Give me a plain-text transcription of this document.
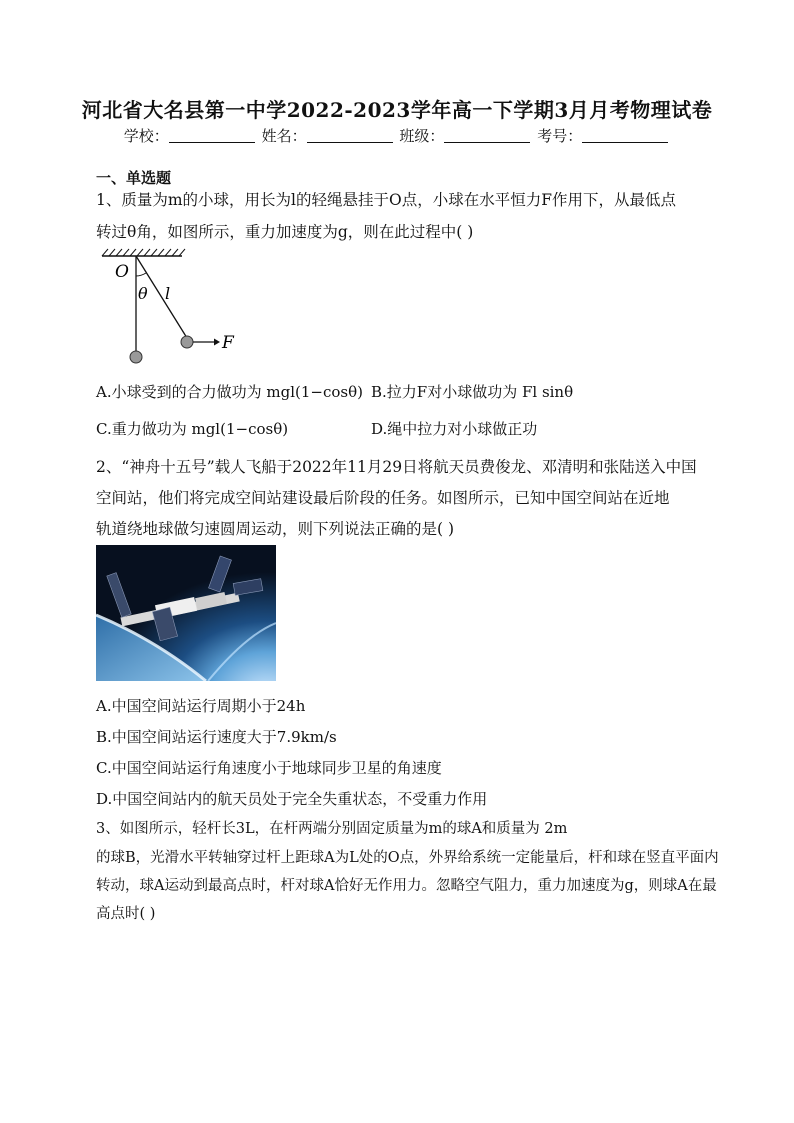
河北省大名县第一中学2022-2023学年高一下学期3月月考物理试卷
学校：	姓名：	班级：	考号：
一、单选题
1、质量为m的小球，用长为l的轻绳悬挂于O点，小球在水平恒力F作用下，从最低点
转过θ角，如图所示，重力加速度为g，则在此过程中( )
O
θ l
F
A.小球受到的合力做功为 mgl(1−cosθ) B.拉力F对小球做功为 Fl sinθ
C.重力做功为 mgl(1−cosθ)	D.绳中拉力对小球做正功
2、“神舟十五号”载人飞船于2022年11月29日将航天员费俊龙、邓清明和张陆送入中国
空间站，他们将完成空间站建设最后阶段的任务。如图所示，已知中国空间站在近地
轨道绕地球做匀速圆周运动，则下列说法正确的是( )
A.中国空间站运行周期小于24h
B.中国空间站运行速度大于7.9km/s
C.中国空间站运行角速度小于地球同步卫星的角速度
D.中国空间站内的航天员处于完全失重状态，不受重力作用
3、如图所示，轻杆长3L，在杆两端分别固定质量为m的球A和质量为 2m
的球B，光滑水平转轴穿过杆上距球A为L处的O点，外界给系统一定能量后，杆和球在竖直平面内
转动，球A运动到最高点时，杆对球A恰好无作用力。忽略空气阻力，重力加速度为g，则球A在最
高点时( )
